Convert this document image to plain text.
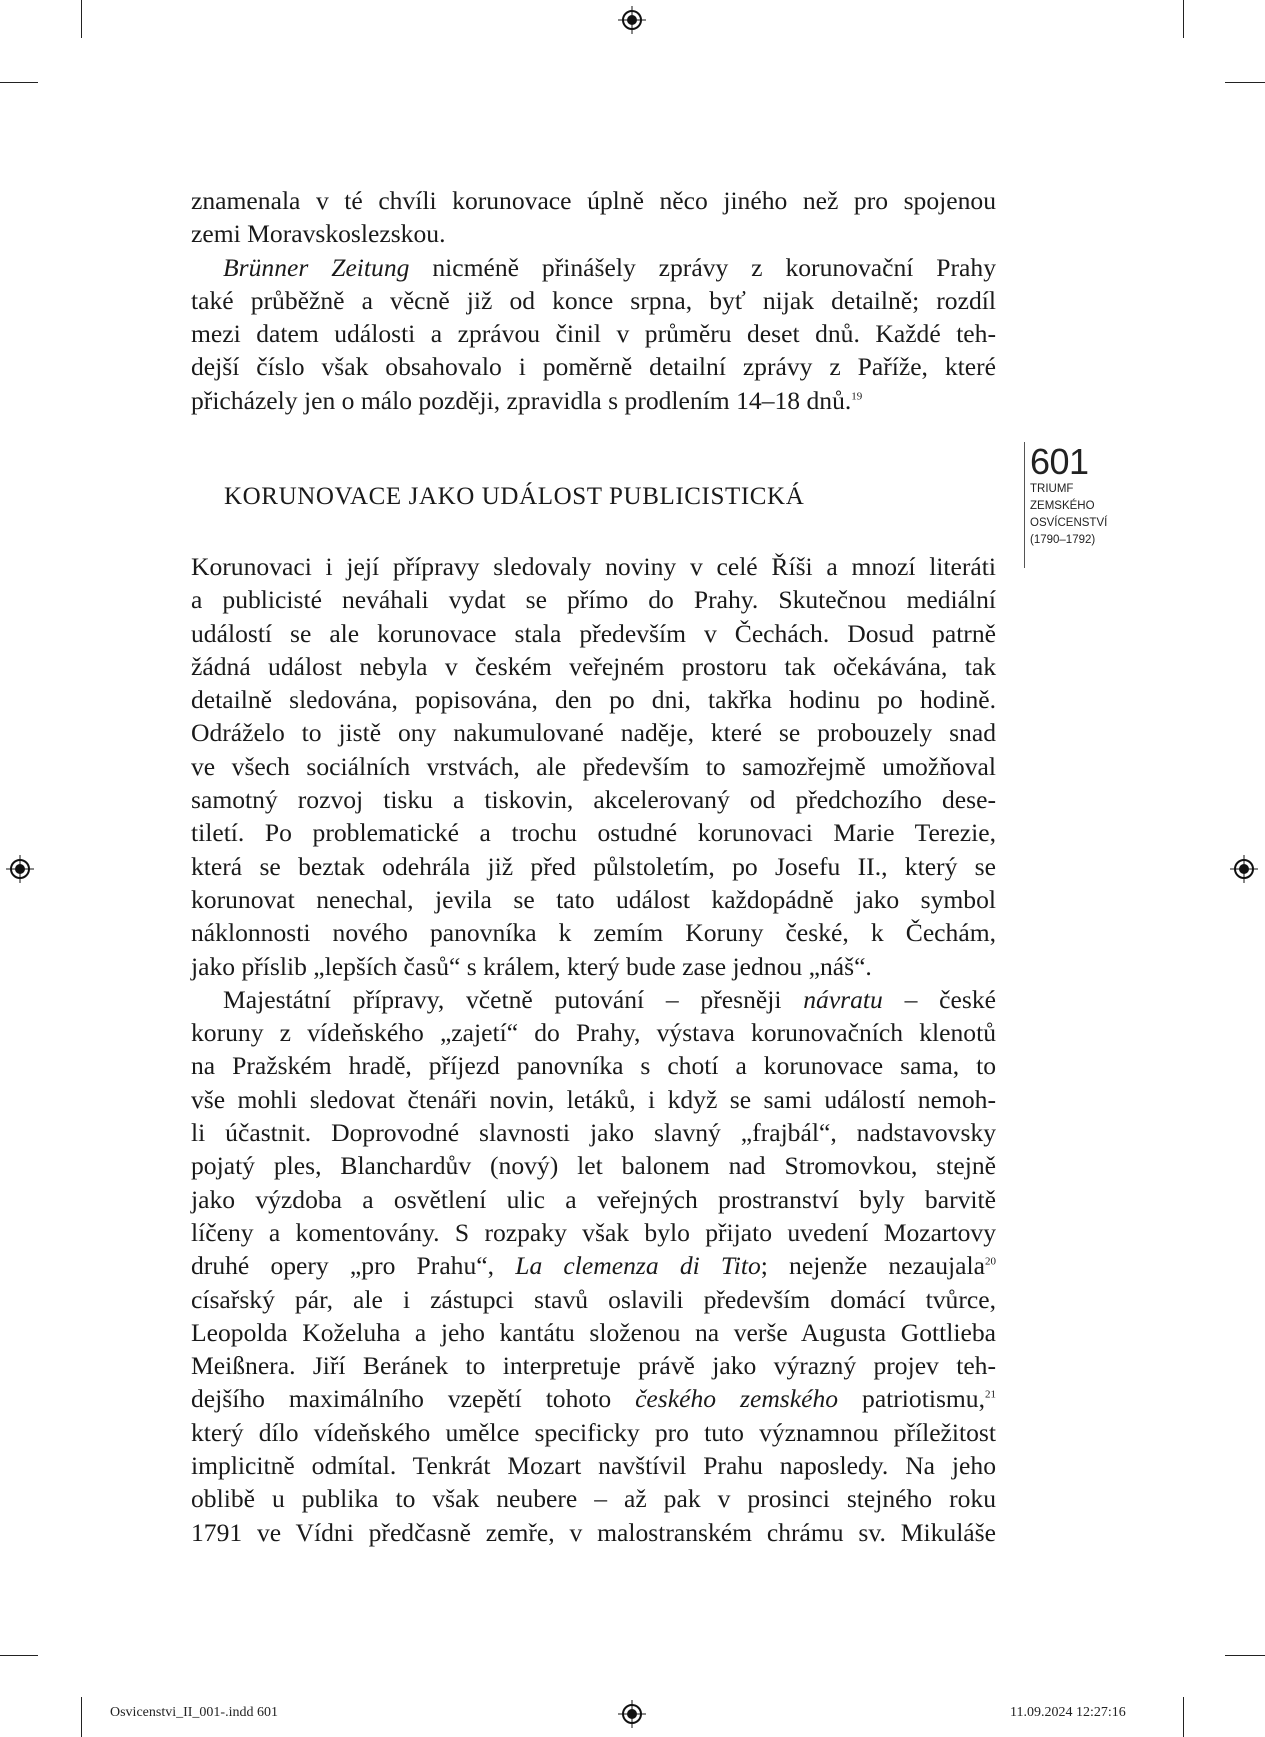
znamenala v té chvíli korunovace úplně něco jiného než pro spojenou
zemi Moravskoslezskou.

Brünner Zeitung nicméně přinášely zprávy z korunovační Prahy
také průběžně a věcně již od konce srpna, byť nijak detailně; rozdíl
mezi datem události a zprávou činil v průměru deset dnů. Každé teh-
dejší číslo však obsahovalo i poměrně detailní zprávy z Paříže, které
přicházely jen o málo později, zpravidla s prodlením 14–18 dnů.$^{19}$

KORUNOVACE JAKO UDÁLOST PUBLICISTICKÁ
601
TRIUMF
ZEMSKÉHO
OSVÍCENSTVÍ
(1790–1792)

Korunovaci i její přípravy sledovaly noviny v celé Říši a mnozí literáti
a publicisté neváhali vydat se přímo do Prahy. Skutečnou mediální
událostí se ale korunovace stala především v Čechách. Dosud patrně
žádná událost nebyla v českém veřejném prostoru tak očekávána, tak
detailně sledována, popisována, den po dni, takřka hodinu po hodině.
Odráželo to jistě ony nakumulované naděje, které se probouzely snad
ve všech sociálních vrstvách, ale především to samozřejmě umožňoval
samotný rozvoj tisku a tiskovin, akcelerovaný od předchozího dese-
tiletí. Po problematické a trochu ostudné korunovaci Marie Terezie,
která se beztak odehrála již před půlstoletím, po Josefu II., který se
korunovat nenechal, jevila se tato událost každopádně jako symbol
náklonnosti nového panovníka k zemím Koruny české, k Čechám,
jako příslib „lepších časů“ s králem, který bude zase jednou „náš“.

Majestátní přípravy, včetně putování – přesněji návratu – české
koruny z vídeňského „zajetí“ do Prahy, výstava korunovačních klenotů
na Pražském hradě, příjezd panovníka s chotí a korunovace sama, to
vše mohli sledovat čtenáři novin, letáků, i když se sami událostí nemoh-
li účastnit. Doprovodné slavnosti jako slavný „frajbál“, nadstavovsky
pojatý ples, Blanchardův (nový) let balonem nad Stromovkou, stejně
jako výzdoba a osvětlení ulic a veřejných prostranství byly barvitě
líčeny a komentovány. S rozpaky však bylo přijato uvedení Mozartovy
druhé opery „pro Prahu“, La clemenza di Tito; nejenže nezaujala$^{20}$
císařský pár, ale i zástupci stavů oslavili především domácí tvůrce,
Leopolda Koželuha a jeho kantátu složenou na verše Augusta Gottlieba
Meißnera. Jiří Beránek to interpretuje právě jako výrazný projev teh-
dejšího maximálního vzepětí tohoto českého zemského patriotismu,$^{21}$
který dílo vídeňského umělce specificky pro tuto významnou příležitost
implicitně odmítal. Tenkrát Mozart navštívil Prahu naposledy. Na jeho
oblibě u publika to však neubere – až pak v prosinci stejného roku
1791 ve Vídni předčasně zemře, v malostranském chrámu sv. Mikuláše

Osvicenstvi_II_001-.indd 601	11.09.2024 12:27:16
